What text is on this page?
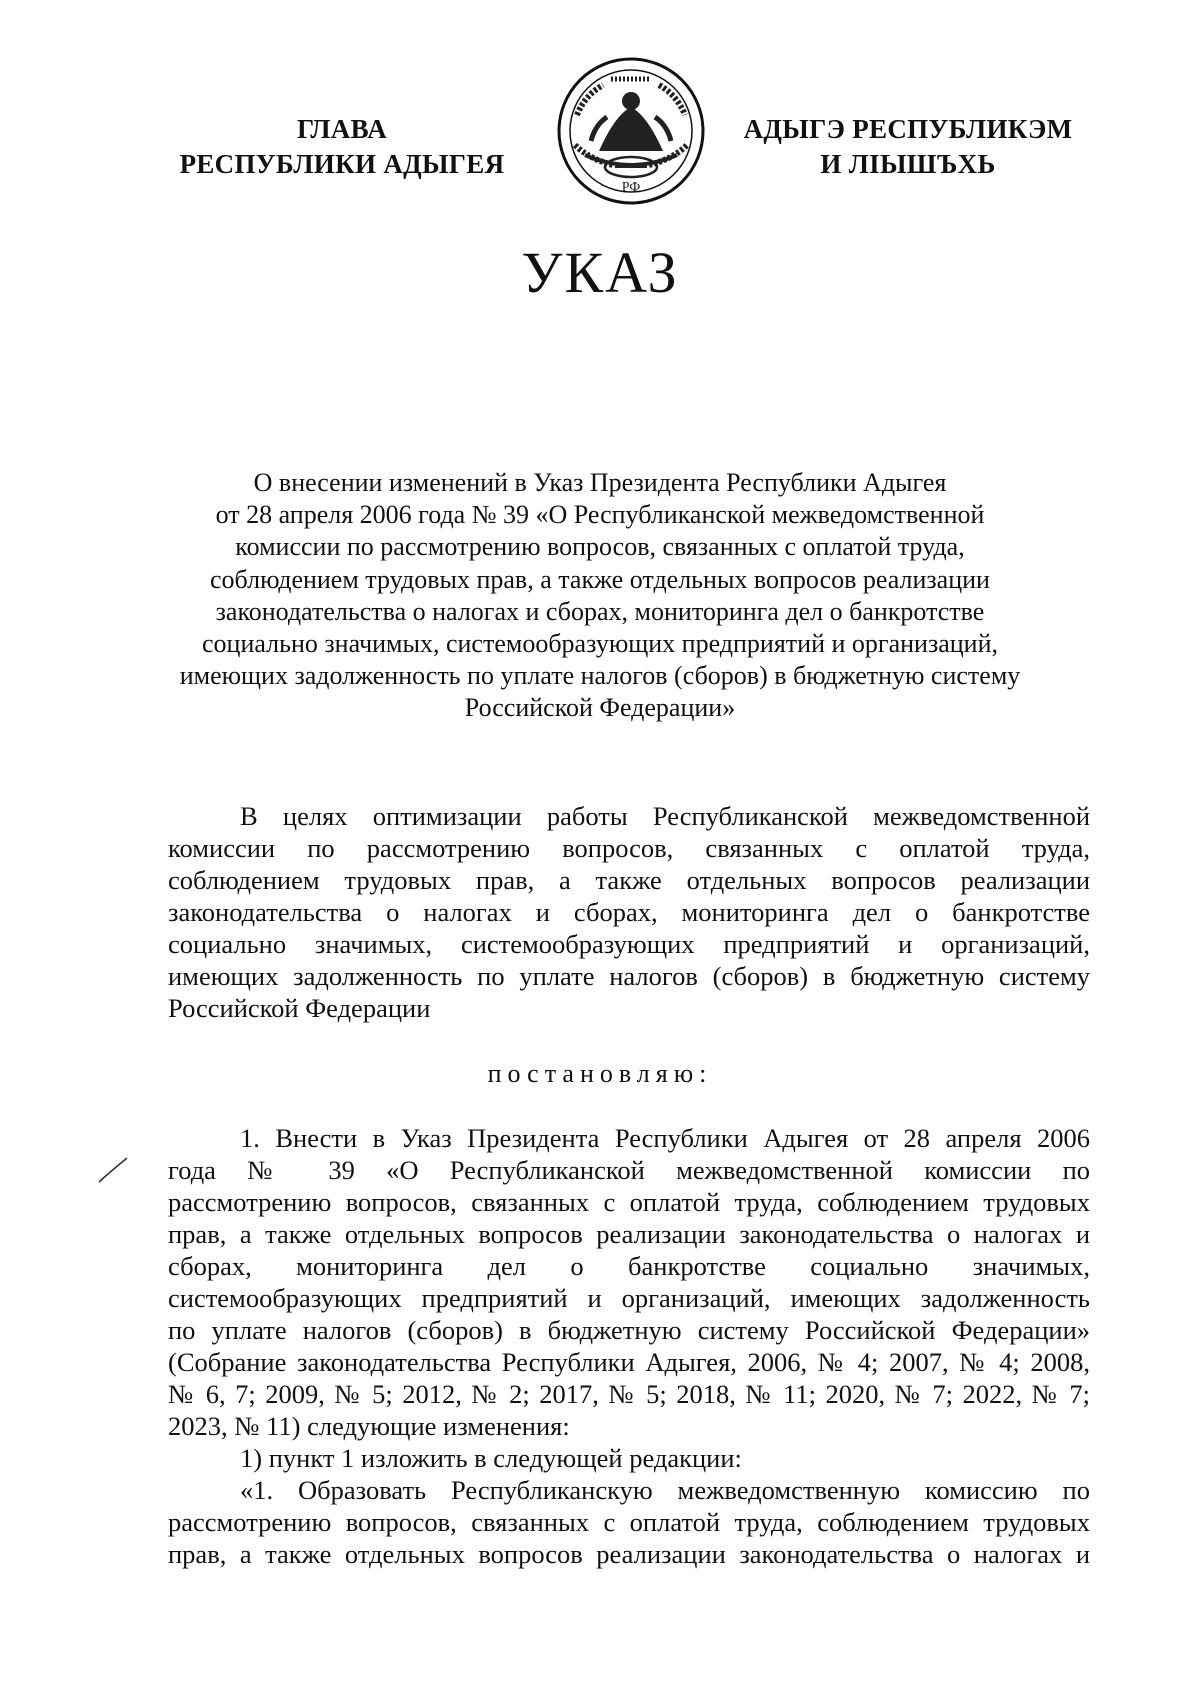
ГЛАВА
РЕСПУБЛИКИ АДЫГЕЯ
РФ
АДЫГЭ РЕСПУБЛИКЭМ
И ЛІЫШЪХЬ
УКАЗ
О внесении изменений в Указ Президента Республики Адыгея
от 28 апреля 2006 года № 39 «О Республиканской межведомственной
комиссии по рассмотрению вопросов, связанных с оплатой труда,
соблюдением трудовых прав, а также отдельных вопросов реализации
законодательства о налогах и сборах, мониторинга дел о банкротстве
социально значимых, системообразующих предприятий и организаций,
имеющих задолженность по уплате налогов (сборов) в бюджетную систему
Российской Федерации»
В целях оптимизации работы Республиканской межведомственной
комиссии по рассмотрению вопросов, связанных с оплатой труда,
соблюдением трудовых прав, а также отдельных вопросов реализации
законодательства о налогах и сборах, мониторинга дел о банкротстве
социально значимых, системообразующих предприятий и организаций,
имеющих задолженность по уплате налогов (сборов) в бюджетную систему
Российской Федерации
постановляю:
1. Внести в Указ Президента Республики Адыгея от 28 апреля 2006
года № 39 «О Республиканской межведомственной комиссии по
рассмотрению вопросов, связанных с оплатой труда, соблюдением трудовых
прав, а также отдельных вопросов реализации законодательства о налогах и
сборах, мониторинга дел о банкротстве социально значимых,
системообразующих предприятий и организаций, имеющих задолженность
по уплате налогов (сборов) в бюджетную систему Российской Федерации»
(Собрание законодательства Республики Адыгея, 2006, № 4; 2007, № 4; 2008,
№ 6, 7; 2009, № 5; 2012, № 2; 2017, № 5; 2018, № 11; 2020, № 7; 2022, № 7;
2023, № 11) следующие изменения:
1) пункт 1 изложить в следующей редакции:
«1. Образовать Республиканскую межведомственную комиссию по
рассмотрению вопросов, связанных с оплатой труда, соблюдением трудовых
прав, а также отдельных вопросов реализации законодательства о налогах и
